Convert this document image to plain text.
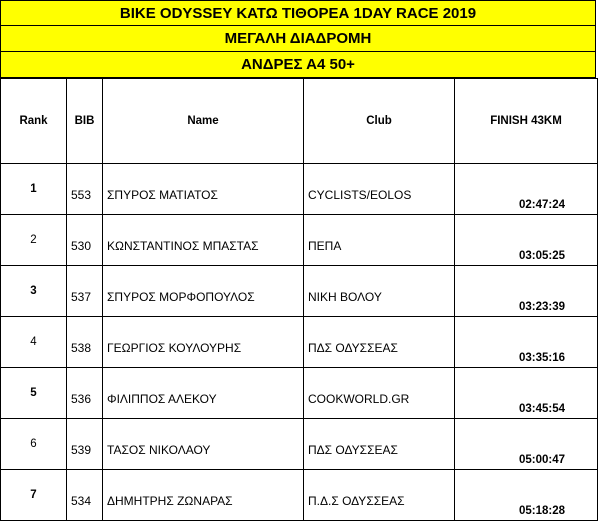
BIKE ODYSSEY ΚΑΤΩ ΤΙΘΟΡΕΑ 1DAY RACE 2019
ΜΕΓΑΛΗ ΔΙΑΔΡΟΜΗ
ΑΝΔΡΕΣ Α4 50+
Rank	BIB	Name	Club	FINISH 43KM
1	553	ΣΠΥΡΟΣ ΜΑΤΙΑΤΟΣ	CYCLISTS/EOLOS	02:47:24
2	530	ΚΩΝΣΤΑΝΤΙΝΟΣ ΜΠΑΣΤΑΣ	ΠΕΠΑ	03:05:25
3	537	ΣΠΥΡΟΣ ΜΟΡΦΟΠΟΥΛΟΣ	ΝΙΚΗ ΒΟΛΟΥ	03:23:39
4	538	ΓΕΩΡΓΙΟΣ ΚΟΥΛΟΥΡΗΣ	ΠΔΣ ΟΔΥΣΣΕΑΣ	03:35:16
5	536	ΦΙΛΙΠΠΟΣ ΑΛΕΚΟΥ	COOKWORLD.GR	03:45:54
6	539	ΤΑΣΟΣ ΝΙΚΟΛΑΟΥ	ΠΔΣ ΟΔΥΣΣΕΑΣ	05:00:47
7	534	ΔΗΜΗΤΡΗΣ ΖΩΝΑΡΑΣ	Π.Δ.Σ ΟΔΥΣΣΕΑΣ	05:18:28
